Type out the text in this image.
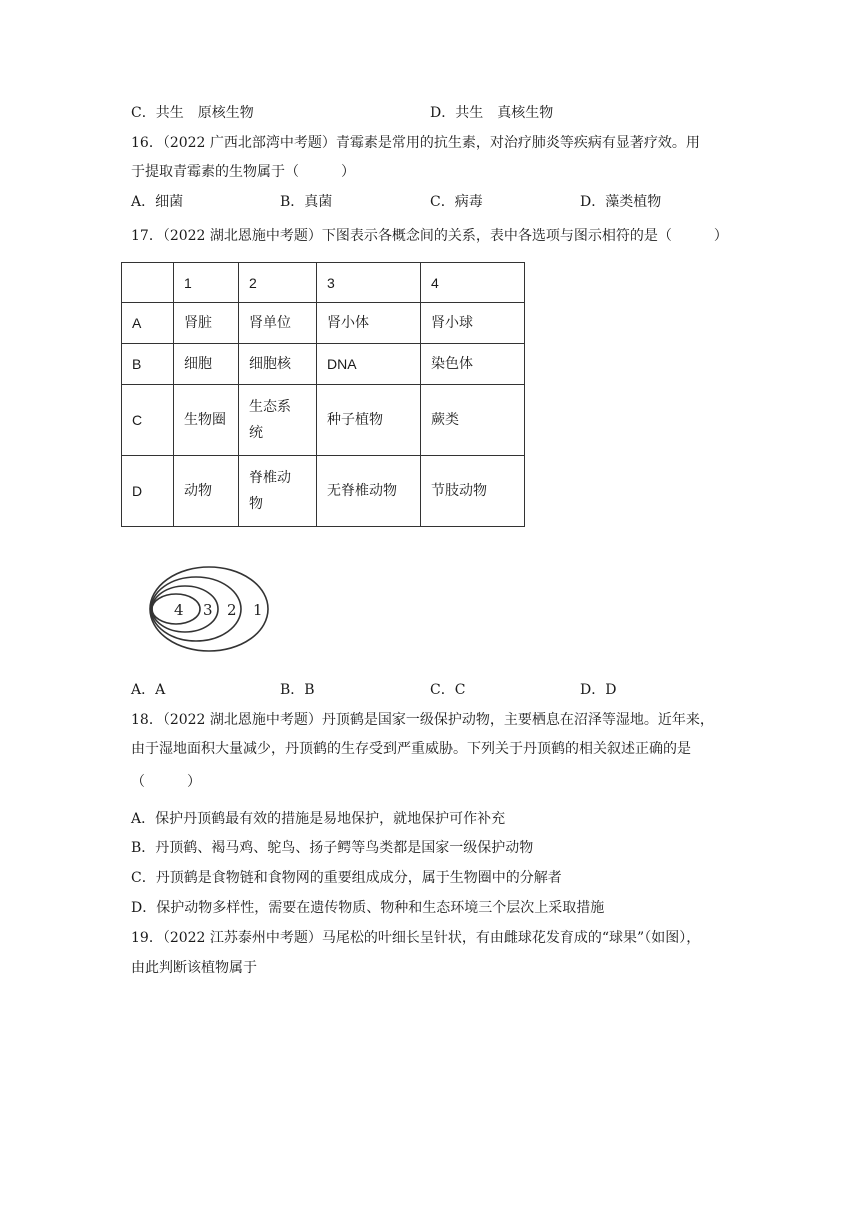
C．共生　原核生物	D．共生　真核生物
16．（2022 广西北部湾中考题）青霉素是常用的抗生素，对治疗肺炎等疾病有显著疗效。用
于提取青霉素的生物属于（　　　）
A．细菌	B．真菌	C．病毒	D．藻类植物
17．（2022 湖北恩施中考题）下图表示各概念间的关系，表中各选项与图示相符的是（　　　）
	1	2	3	4
A	肾脏	肾单位	肾小体	肾小球
B	细胞	细胞核	DNA	染色体
C	生物圈	生态系统	种子植物	蕨类
D	动物	脊椎动物	无脊椎动物	节肢动物
4 3 2 1
A．A	B．B	C．C	D．D
18．（2022 湖北恩施中考题）丹顶鹤是国家一级保护动物，主要栖息在沼泽等湿地。近年来，
由于湿地面积大量减少，丹顶鹤的生存受到严重威胁。下列关于丹顶鹤的相关叙述正确的是
（　　　）
A．保护丹顶鹤最有效的措施是易地保护，就地保护可作补充
B．丹顶鹤、褐马鸡、鸵鸟、扬子鳄等鸟类都是国家一级保护动物
C．丹顶鹤是食物链和食物网的重要组成成分，属于生物圈中的分解者
D．保护动物多样性，需要在遗传物质、物种和生态环境三个层次上采取措施
19．（2022 江苏泰州中考题）马尾松的叶细长呈针状，有由雌球花发育成的“球果”（如图），
由此判断该植物属于
